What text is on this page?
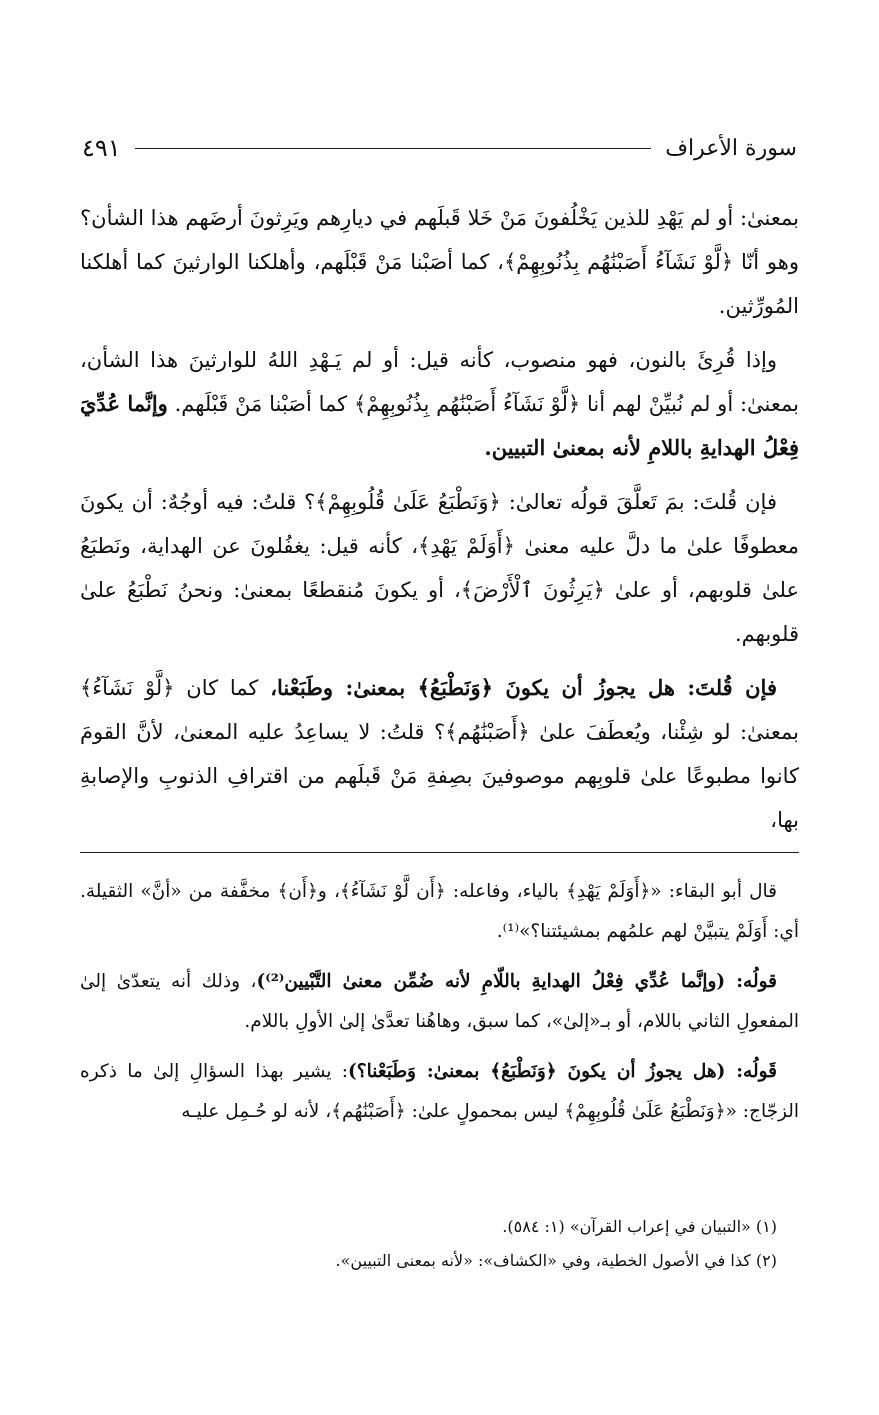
سورة الأعراف
٤٩١

بمعنىٰ: أو لم يَهْدِ للذين يَخْلُفونَ مَنْ خَلا قَبلَهم في ديارِهم ويَرِثونَ أرضَهم هذا الشأن؟ وهو أنّا ﴿لَّوْ نَشَآءُ أَصَبْنَٰهُم بِذُنُوبِهِمْ﴾، كما أصَبْنا مَنْ قَبْلَهم، وأهلكنا الوارثينَ كما أهلكنا المُورِّثين.

وإذا قُرِئَ بالنون، فهو منصوب، كأنه قيل: أو لم يَـهْدِ اللهُ للوارثينَ هذا الشأن، بمعنىٰ: أو لم نُبيِّنْ لهم أنا ﴿لَّوْ نَشَآءُ أَصَبْنَٰهُم بِذُنُوبِهِمْ﴾ كما أصَبْنا مَنْ قَبْلَهم. وإنَّما عُدِّيَ فِعْلُ الهدايةِ باللامِ لأنه بمعنىٰ التبيين.

فإن قُلتَ: بمَ تَعلَّقَ قولُه تعالىٰ: ﴿وَنَطْبَعُ عَلَىٰ قُلُوبِهِمْ﴾؟ قلتُ: فيه أوجُهٌ: أن يكونَ معطوفًا علىٰ ما دلَّ عليه معنىٰ ﴿أَوَلَمْ يَهْدِ﴾، كأنه قيل: يغفُلونَ عن الهداية، ونَطبَعُ علىٰ قلوبهم، أو علىٰ ﴿يَرِثُونَ ٱلْأَرْضَ﴾، أو يكونَ مُنقطعًا بمعنىٰ: ونحنُ نَطْبَعُ علىٰ قلوبهم.

فإن قُلتَ: هل يجوزُ أن يكونَ ﴿وَنَطْبَعُ﴾ بمعنىٰ: وطَبَعْنا، كما كان ﴿لَّوْ نَشَآءُ﴾ بمعنىٰ: لو شِئْنا، ويُعطَفَ علىٰ ﴿أَصَبْنَٰهُم﴾؟ قلتُ: لا يساعِدُ عليه المعنىٰ، لأنَّ القومَ كانوا مطبوعًا علىٰ قلوبِهم موصوفينَ بصِفةِ مَنْ قَبلَهم من اقترافِ الذنوبِ والإصابةِ بها،

قال أبو البقاء: «﴿أَوَلَمْ يَهْدِ﴾ بالياء، وفاعله: ﴿أَن لَّوْ نَشَآءُ﴾، و﴿أَن﴾ مخفَّفة من «أنَّ» الثقيلة. أي: أَوَلَمْ يتبيَّنْ لهم علمُهم بمشيئتنا؟»⁽¹⁾.

قولُه: (وإنَّما عُدِّي فِعْلُ الهدايةِ باللّامِ لأنه ضُمِّن معنىٰ التَّبْيين⁽²⁾)، وذلك أنه يتعدّىٰ إلىٰ المفعولِ الثاني باللام، أو بـ«إلىٰ»، كما سبق، وهاهُنا تعدَّىٰ إلىٰ الأولِ باللام.

قَولُه: (هل يجوزُ أن يكونَ ﴿وَنَطْبَعُ﴾ بمعنىٰ: وَطَبَعْنا؟): يشير بهذا السؤالِ إلىٰ ما ذكره الزجّاج: «﴿وَنَطْبَعُ عَلَىٰ قُلُوبِهِمْ﴾ ليس بمحمولٍ علىٰ: ﴿أَصَبْنَٰهُم﴾، لأنه لو حُـمِل عليـه

(١) «التبيان في إعراب القرآن» (١: ٥٨٤).

(٢) كذا في الأصول الخطية، وفي «الكشاف»: «لأنه بمعنى التبيين».
